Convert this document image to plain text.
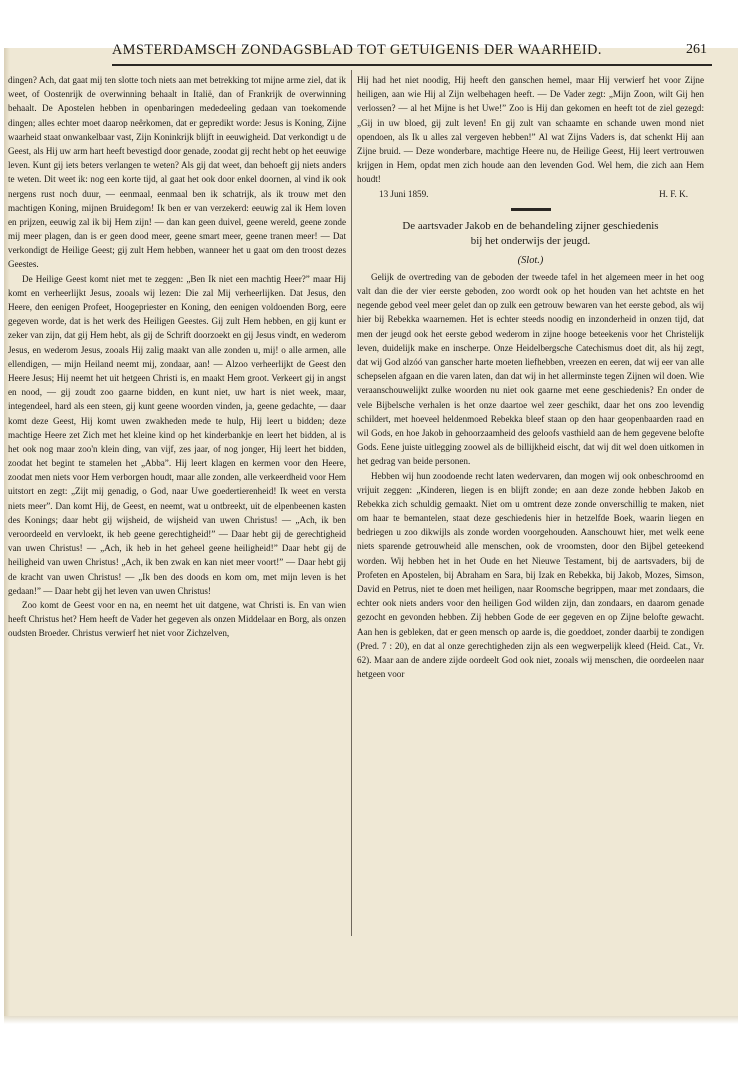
AMSTERDAMSCH ZONDAGSBLAD TOT GETUIGENIS DER WAARHEID.	261

dingen? Ach, dat gaat mij ten slotte toch niets aan met betrekking tot mijne arme ziel, dat ik weet, of Oostenrijk de overwinning behaalt in Italië, dan of Frankrijk de overwinning behaalt. De Apostelen hebben in openbaringen mededeeling gedaan van toekomende dingen; alles echter moet daarop neêrkomen, dat er gepredikt worde: Jesus is Koning, Zijne waarheid staat onwankelbaar vast, Zijn Koninkrijk blijft in eeuwigheid. Dat verkondigt u de Geest, als Hij uw arm hart heeft bevestigd door genade, zoodat gij recht hebt op het eeuwige leven. Kunt gij iets beters verlangen te weten? Als gij dat weet, dan behoeft gij niets anders te weten. Dit weet ik: nog een korte tijd, al gaat het ook door enkel doornen, al vind ik ook nergens rust noch duur, — eenmaal, eenmaal ben ik schatrijk, als ik trouw met den machtigen Koning, mijnen Bruidegom! Ik ben er van verzekerd: eeuwig zal ik Hem loven en prijzen, eeuwig zal ik bij Hem zijn! — dan kan geen duivel, geene wereld, geene zonde mij meer plagen, dan is er geen dood meer, geene smart meer, geene tranen meer! — Dat verkondigt de Heilige Geest; gij zult Hem hebben, wanneer het u gaat om den troost dezes Geestes.

De Heilige Geest komt niet met te zeggen: „Ben Ik niet een machtig Heer?” maar Hij komt en verheerlijkt Jesus, zooals wij lezen: Die zal Mij verheerlijken. Dat Jesus, den Heere, den eenigen Profeet, Hoogepriester en Koning, den eenigen voldoenden Borg, eere gegeven worde, dat is het werk des Heiligen Geestes. Gij zult Hem hebben, en gij kunt er zeker van zijn, dat gij Hem hebt, als gij de Schrift doorzoekt en gij Jesus vindt, en wederom Jesus, en wederom Jesus, zooals Hij zalig maakt van alle zonden u, mij! o alle armen, alle ellendigen, — mijn Heiland neemt mij, zondaar, aan! — Alzoo verheerlijkt de Geest den Heere Jesus; Hij neemt het uit hetgeen Christi is, en maakt Hem groot. Verkeert gij in angst en nood, — gij zoudt zoo gaarne bidden, en kunt niet, uw hart is niet week, maar, integendeel, hard als een steen, gij kunt geene woorden vinden, ja, geene gedachte, — daar komt deze Geest, Hij komt uwen zwakheden mede te hulp, Hij leert u bidden; deze machtige Heere zet Zich met het kleine kind op het kinderbankje en leert het bidden, al is het ook nog maar zoo'n klein ding, van vijf, zes jaar, of nog jonger, Hij leert het bidden, zoodat het begint te stamelen het „Abba”. Hij leert klagen en kermen voor den Heere, zoodat men niets voor Hem verborgen houdt, maar alle zonden, alle verkeerdheid voor Hem uitstort en zegt: „Zijt mij genadig, o God, naar Uwe goedertierenheid! Ik weet en versta niets meer”. Dan komt Hij, de Geest, en neemt, wat u ontbreekt, uit de elpenbeenen kasten des Konings; daar hebt gij wijsheid, de wijsheid van uwen Christus! — „Ach, ik ben veroordeeld en vervloekt, ik heb geene gerechtigheid!” — Daar hebt gij de gerechtigheid van uwen Christus! — „Ach, ik heb in het geheel geene heiligheid!” Daar hebt gij de heiligheid van uwen Christus! „Ach, ik ben zwak en kan niet meer voort!” — Daar hebt gij de kracht van uwen Christus! — „Ik ben des doods en kom om, met mijn leven is het gedaan!” — Daar hebt gij het leven van uwen Christus!

Zoo komt de Geest voor en na, en neemt het uit datgene, wat Christi is. En van wien heeft Christus het? Hem heeft de Vader het gegeven als onzen Middelaar en Borg, als onzen oudsten Broeder. Christus verwierf het niet voor Zichzelven,

Hij had het niet noodig, Hij heeft den ganschen hemel, maar Hij verwierf het voor Zijne heiligen, aan wie Hij al Zijn welbehagen heeft. — De Vader zegt: „Mijn Zoon, wilt Gij hen verlossen? — al het Mijne is het Uwe!” Zoo is Hij dan gekomen en heeft tot de ziel gezegd: „Gij in uw bloed, gij zult leven! En gij zult van schaamte en schande uwen mond niet opendoen, als Ik u alles zal vergeven hebben!” Al wat Zijns Vaders is, dat schenkt Hij aan Zijne bruid. — Deze wonderbare, machtige Heere nu, de Heilige Geest, Hij leert vertrouwen krijgen in Hem, opdat men zich houde aan den levenden God. Wel hem, die zich aan Hem houdt!

13 Juni 1859.	H. F. K.
De aartsvader Jakob en de behandeling zijner geschiedenis
bij het onderwijs der jeugd.
(Slot.)

Gelijk de overtreding van de geboden der tweede tafel in het algemeen meer in het oog valt dan die der vier eerste geboden, zoo wordt ook op het houden van het achtste en het negende gebod veel meer gelet dan op zulk een getrouw bewaren van het eerste gebod, als wij hier bij Rebekka waarnemen. Het is echter steeds noodig en inzonderheid in onzen tijd, dat men der jeugd ook het eerste gebod wederom in zijne hooge beteekenis voor het Christelijk leven, duidelijk make en inscherpe. Onze Heidelbergsche Catechismus doet dit, als hij zegt, dat wij God alzóó van ganscher harte moeten liefhebben, vreezen en eeren, dat wij eer van alle schepselen afgaan en die varen laten, dan dat wij in het allerminste tegen Zijnen wil doen. Wie veraanschouwelijkt zulke woorden nu niet ook gaarne met eene geschiedenis? En onder de vele Bijbelsche verhalen is het onze daartoe wel zeer geschikt, daar het ons zoo levendig schildert, met hoeveel heldenmoed Rebekka bleef staan op den haar geopenbaarden raad en wil Gods, en hoe Jakob in gehoorzaamheid des geloofs vasthield aan de hem gegevene belofte Gods. Eene juiste uitlegging zoowel als de billijkheid eischt, dat wij dit wel doen uitkomen in het gedrag van beide personen.

Hebben wij hun zoodoende recht laten wedervaren, dan mogen wij ook onbeschroomd en vrijuit zeggen: „Kinderen, liegen is en blijft zonde; en aan deze zonde hebben Jakob en Rebekka zich schuldig gemaakt. Niet om u omtrent deze zonde onverschillig te maken, niet om haar te bemantelen, staat deze geschiedenis hier in hetzelfde Boek, waarin liegen en bedriegen u zoo dikwijls als zonde worden voorgehouden. Aanschouwt hier, met welk eene niets sparende getrouwheid alle menschen, ook de vroomsten, door den Bijbel geteekend worden. Wij hebben het in het Oude en het Nieuwe Testament, bij de aartsvaders, bij de Profeten en Apostelen, bij Abraham en Sara, bij Izak en Rebekka, bij Jakob, Mozes, Simson, David en Petrus, niet te doen met heiligen, naar Roomsche begrippen, maar met zondaars, die echter ook niets anders voor den heiligen God wilden zijn, dan zondaars, en daarom genade gezocht en gevonden hebben. Zij hebben Gode de eer gegeven en op Zijne belofte gewacht. Aan hen is gebleken, dat er geen mensch op aarde is, die goeddoet, zonder daarbij te zondigen (Pred. 7 : 20), en dat al onze gerechtigheden zijn als een wegwerpelijk kleed (Heid. Cat., Vr. 62). Maar aan de andere zijde oordeelt God ook niet, zooals wij menschen, die oordeelen naar hetgeen voor
